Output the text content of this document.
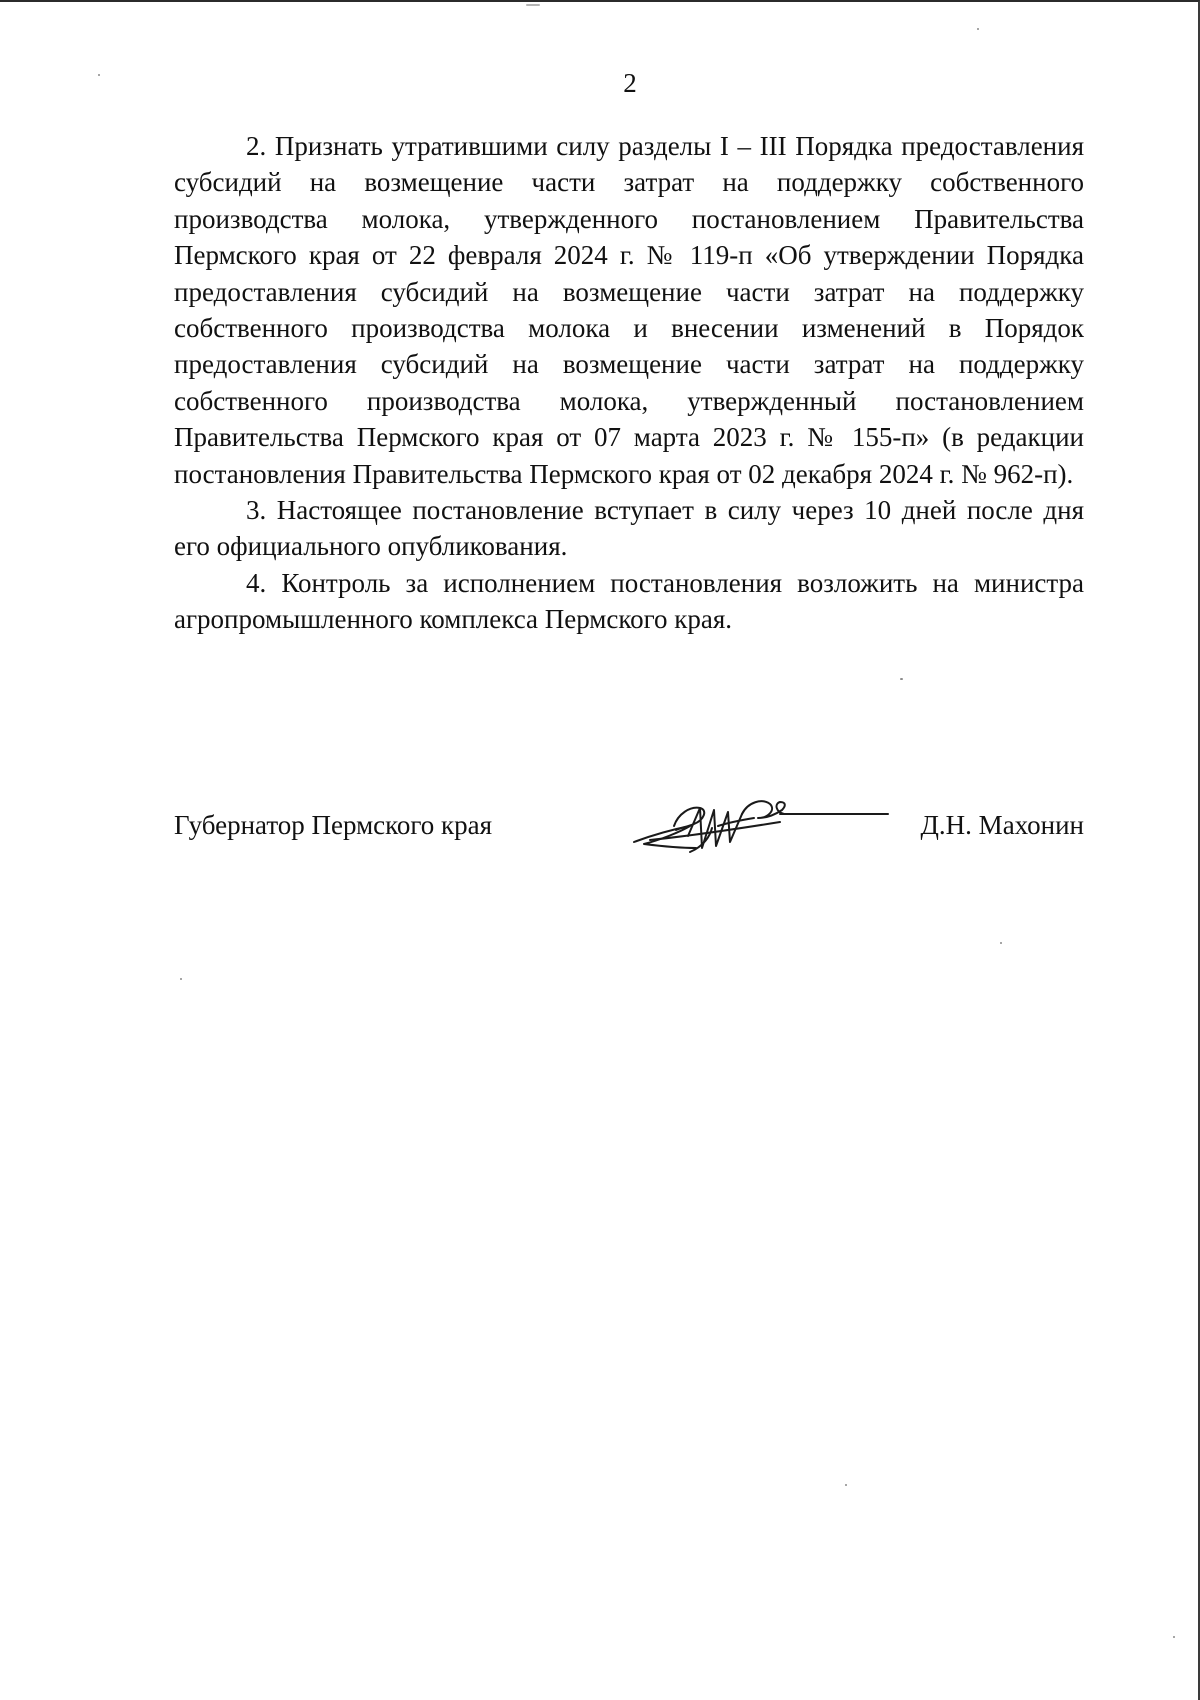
2

2. Признать утратившими силу разделы I – III Порядка предоставления субсидий на возмещение части затрат на поддержку собственного производства молока, утвержденного постановлением Правительства Пермского края от 22 февраля 2024 г. № 119-п «Об утверждении Порядка предоставления субсидий на возмещение части затрат на поддержку собственного производства молока и внесении изменений в Порядок предоставления субсидий на возмещение части затрат на поддержку собственного производства молока, утвержденный постановлением Правительства Пермского края от 07 марта 2023 г. № 155-п» (в редакции постановления Правительства Пермского края от 02 декабря 2024 г. № 962-п).

3. Настоящее постановление вступает в силу через 10 дней после дня его официального опубликования.

4. Контроль за исполнением постановления возложить на министра агропромышленного комплекса Пермского края.

Губернатор Пермского края	Д.Н. Махонин
